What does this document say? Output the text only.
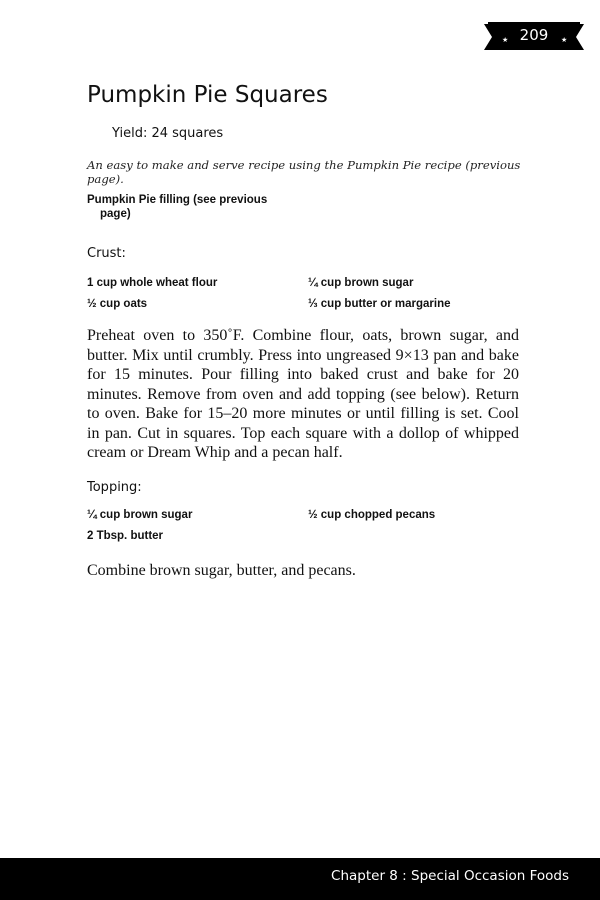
★	★
209
Pumpkin Pie Squares
Yield: 24 squares
An easy to make and serve recipe using the Pumpkin Pie recipe (previous page).
Pumpkin Pie filling (see previous page)
Crust:
1 cup whole wheat flour	¼ cup brown sugar
½ cup oats	⅓ cup butter or margarine

Preheat oven to 350˚F. Combine flour, oats, brown sugar, and butter. Mix until crumbly. Press into ungreased 9×13 pan and bake for 15 minutes. Pour filling into baked crust and bake for 20 minutes. Remove from oven and add topping (see below). Return to oven. Bake for 15–20 more minutes or until filling is set. Cool in pan. Cut in squares. Top each square with a dollop of whipped cream or Dream Whip and a pecan half.

Topping:
¼ cup brown sugar	½ cup chopped pecans
2 Tbsp. butter

Combine brown sugar, butter, and pecans.

Chapter 8 : Special Occasion Foods
